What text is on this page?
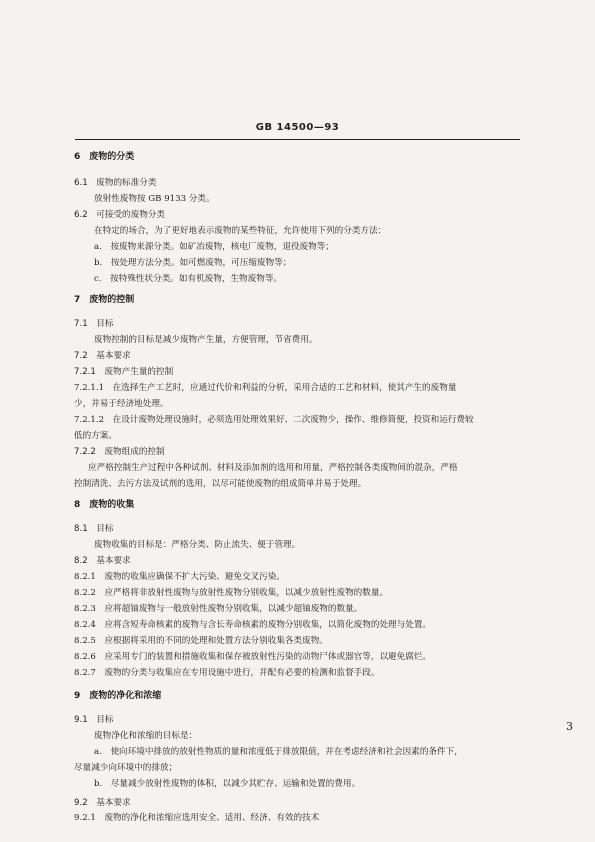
GB 14500—93
6　废物的分类
6.1　废物的标准分类
放射性废物按 GB 9133 分类。
6.2　可接受的废物分类
在特定的场合，为了更好地表示废物的某些特征，允许使用下列的分类方法：
a.　按废物来源分类。如矿冶废物，核电厂废物，退役废物等；
b.　按处理方法分类。如可燃废物，可压缩废物等；
c.　按特殊性状分类。如有机废物，生物废物等。
7　废物的控制
7.1　目标
废物控制的目标是减少废物产生量，方便管理，节省费用。
7.2　基本要求
7.2.1　废物产生量的控制
7.2.1.1　在选择生产工艺时，应通过代价和利益的分析，采用合适的工艺和材料，使其产生的废物量
少，并易于经济地处理。
7.2.1.2　在设计废物处理设施时，必须选用处理效果好、二次废物少，操作、维修简便，投资和运行费较
低的方案。
7.2.2　废物组成的控制
应严格控制生产过程中各种试剂、材料及添加剂的选用和用量，严格控制各类废物间的混杂，严格
控制清洗、去污方法及试剂的选用，以尽可能使废物的组成简单并易于处理。
8　废物的收集
8.1　目标
废物收集的目标是：严格分类、防止流失、便于管理。
8.2　基本要求
8.2.1　废物的收集应确保不扩大污染、避免交叉污染。
8.2.2　应严格将非放射性废物与放射性废物分别收集，以减少放射性废物的数量。
8.2.3　应将超铀废物与一般放射性废物分别收集，以减少超铀废物的数量。
8.2.4　应将含短寿命核素的废物与含长寿命核素的废物分别收集，以简化废物的处理与处置。
8.2.5　应根据将采用的不同的处理和处置方法分别收集各类废物。
8.2.6　应采用专门的装置和措施收集和保存被放射性污染的动物尸体或器官等，以避免腐烂。
8.2.7　废物的分类与收集应在专用设施中进行，并配有必要的检测和监督手段。
9　废物的净化和浓缩
9.1　目标
废物净化和浓缩的目标是：
a.　使向环境中排放的放射性物质的量和浓度低于排放限值，并在考虑经济和社会因素的条件下，
尽量减少向环境中的排放；
b.　尽量减少放射性废物的体积，以减少其贮存、运输和处置的费用。
9.2　基本要求
9.2.1　废物的净化和浓缩应选用安全、适用、经济、有效的技术
3
